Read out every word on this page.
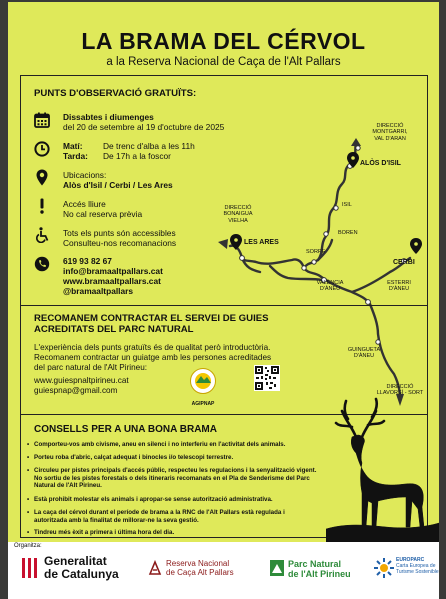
LA BRAMA DEL CÉRVOL
a la Reserva Nacional de Caça de l'Alt Pallars
PUNTS D'OBSERVACIÓ GRATUÏTS:
Dissabtes i diumenges
del 20 de setembre al 19 d'octubre de 2025
Matí: De trenc d'alba a les 11h
Tarda: De 17h a la foscor
Ubicacions:
Alòs d'Isil / Cerbi / Les Ares
Accés lliure
No cal reserva prèvia
Tots els punts són accessibles
Consulteu-nos recomanacions
619 93 82 67
info@bramaaltpallars.cat
www.bramaaltpallars.cat
@bramaaltpallars
DIRECCIÓ
MONTGARRI,
VAL D'ARAN
ALÒS D'ISIL
ISIL
BOREN
SORPE
DIRECCIÓ
BONAIGUA
VIELHA
LES ARES
CERBI
VALÈNCIA
D'ÀNEU
ESTERRI
D'ÀNEU
GUINGUETA
D'ÀNEU
DIRECCIÓ
LLAVORSÍ - SORT
RECOMANEM CONTRACTAR EL SERVEI DE GUIES
ACREDITATS DEL PARC NATURAL
L'experiència dels punts gratuïts és de qualitat però introductòria.
Recomanem contractar un guiatge amb les persones acreditades
del parc natural de l'Alt Pirineu:
www.guiespnaltpirineu.cat
guiespnap@gmail.com
AGIPNAP
CONSELLS PER A UNA BONA BRAMA
• Comporteu-vos amb civisme, aneu en silenci i no interferiu en l'activitat dels animals.
• Porteu roba d'abric, calçat adequat i binocles i/o telescopi terrestre.
• Circuleu per pistes principals d'accés públic, respecteu les regulacions i la senyalització vigent.
No sortiu de les pistes forestals o dels itineraris recomanats en el Pla de Senderisme del Parc
Natural de l'Alt Pirineu.
• Està prohibit molestar els animals i apropar-se sense autorització administrativa.
• La caça del cérvol durant el període de brama a la RNC de l'Alt Pallars està regulada i
autoritzada amb la finalitat de millorar-ne la seva gestió.
• Tindreu més èxit a primera i última hora del dia.
Organitza:
Generalitat
de Catalunya
Reserva Nacional
de Caça Alt Pallars
Parc Natural
de l'Alt Pirineu
EUROPARC
Carta Europea de
Turisme Sostenible
